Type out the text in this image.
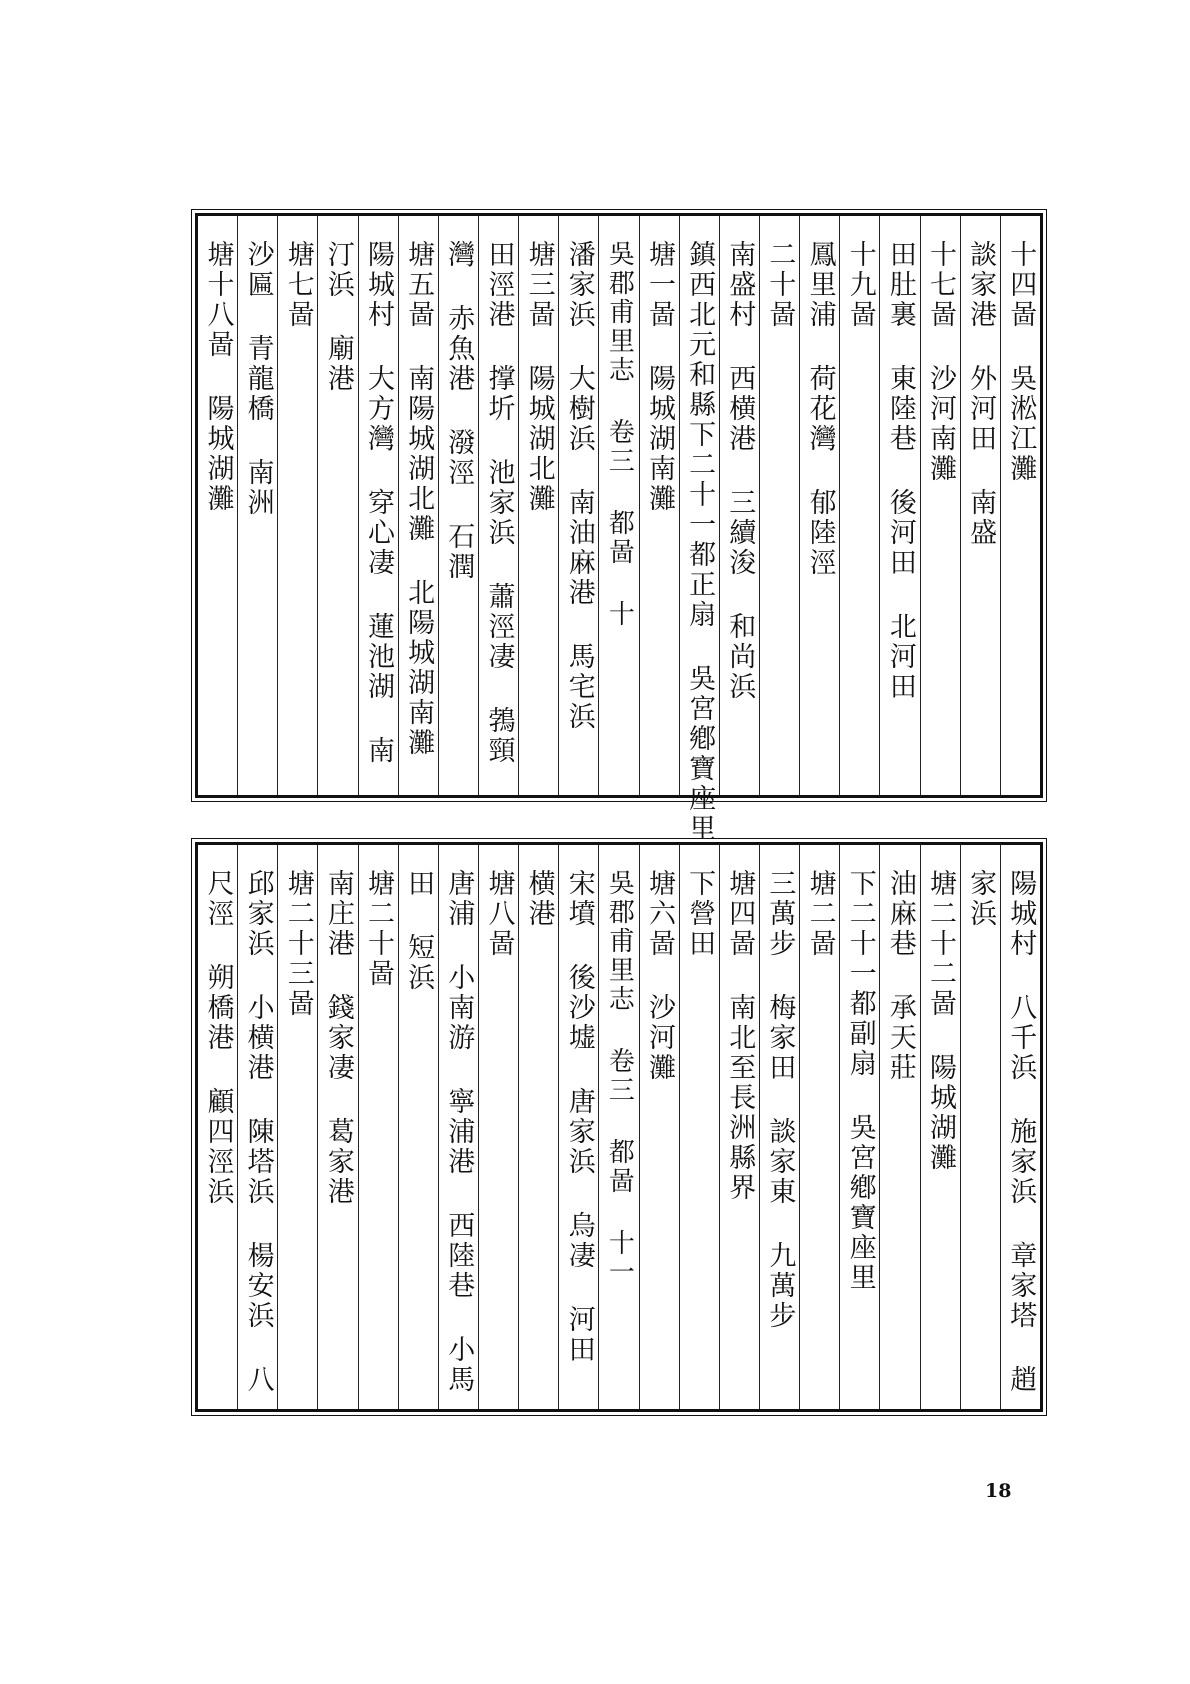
十四啚 吳淞江灘
談家港 外河田 南盛
十七啚 沙河南灘
田肚裏 東陸巷 後河田 北河田
十九啚
鳳里浦 荷花灣 郁陸涇
二十啚
南盛村 西横港 三續浚 和尚浜
鎮西北元和縣下二十一都正扇 吳宮鄕寶座里
塘一啚 陽城湖南灘
吳郡甫里志 卷三 都啚 十
潘家浜 大樹浜 南油麻港 馬宅浜
塘三啚 陽城湖北灘
田涇港 撑圻 池家浜 蕭涇凄 鵓頸
灣 赤魚港 潑涇 石潤
塘五啚 南陽城湖北灘 北陽城湖南灘
陽城村 大方灣 穿心凄 蓮池湖 南
汀浜 廟港
塘七啚
沙匾 青龍橋 南洲
塘十八啚 陽城湖灘
陽城村 八千浜 施家浜 章家塔 趙
家浜
塘二十二啚 陽城湖灘
油麻巷 承天莊
下二十一都副扇 吳宮鄕寶座里
塘二啚
三萬步 梅家田 談家東 九萬步
塘四啚 南北至長洲縣界
下營田
塘六啚 沙河灘
吳郡甫里志 卷三 都啚 十一
宋墳 後沙墟 唐家浜 烏凄 河田
横港
塘八啚
唐浦 小南游 寧浦港 西陸巷 小馬
田 短浜
塘二十啚
南庄港 錢家凄 葛家港
塘二十三啚
邱家浜 小横港 陳塔浜 楊安浜 八
尺涇 朔橋港 顧四涇浜
18
